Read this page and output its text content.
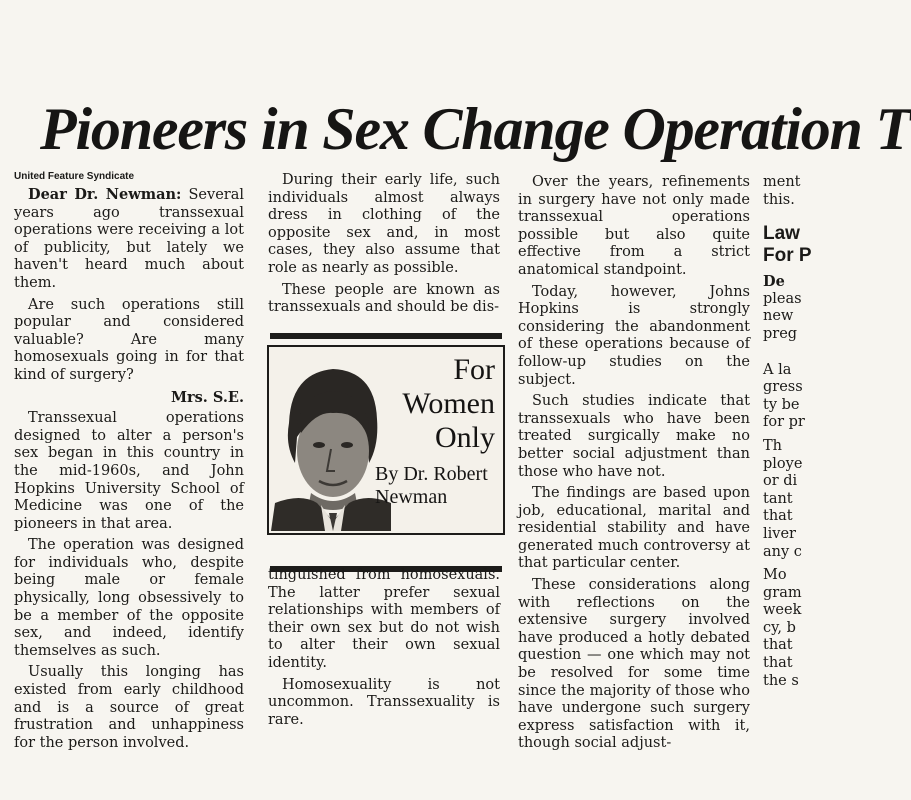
Pioneers in Sex Change Operation T
United Feature Syndicate

Dear Dr. Newman: Several years ago transsexual operations were receiving a lot of publicity, but lately we haven't heard much about them.

Are such operations still popular and considered valuable? Are many homosexuals going in for that kind of surgery?

Mrs. S.E.

Transsexual operations designed to alter a person's sex began in this country in the mid-1960s, and John Hopkins University School of Medicine was one of the pioneers in that area.

The operation was designed for individuals who, despite being male or female physically, long obsessively to be a member of the opposite sex, and indeed, identify themselves as such.

Usually this longing has existed from early childhood and is a source of great frustration and unhappiness for the person involved.

During their early life, such individuals almost always dress in clothing of the opposite sex and, in most cases, they also assume that role as nearly as possible.

These people are known as transsexuals and should be dis-

For Women Only
By Dr. Robert Newman

tinguished from homosexuals. The latter prefer sexual relationships with members of their own sex but do not wish to alter their own sexual identity.

Homosexuality is not uncommon. Transsexuality is rare.

Over the years, refinements in surgery have not only made transsexual operations possible but also quite effective from a strict anatomical standpoint.

Today, however, Johns Hopkins is strongly considering the abandonment of these operations because of follow-up studies on the subject.

Such studies indicate that transsexuals who have been treated surgically make no better social adjustment than those who have not.

The findings are based upon job, educational, marital and residential stability and have generated much controversy at that particular center.

These considerations along with reflections on the extensive surgery involved have produced a hotly debated question — one which may not be resolved for some time since the majority of those who have undergone such surgery express satisfaction with it, though social adjust-

ment
this.
Law
For P
De
pleas
new
preg
A la
gress
ty be
for pr
Th
ploye
or di
tant
that
liver
any c
Mo
gram
week
cy, b
that
that
the s
